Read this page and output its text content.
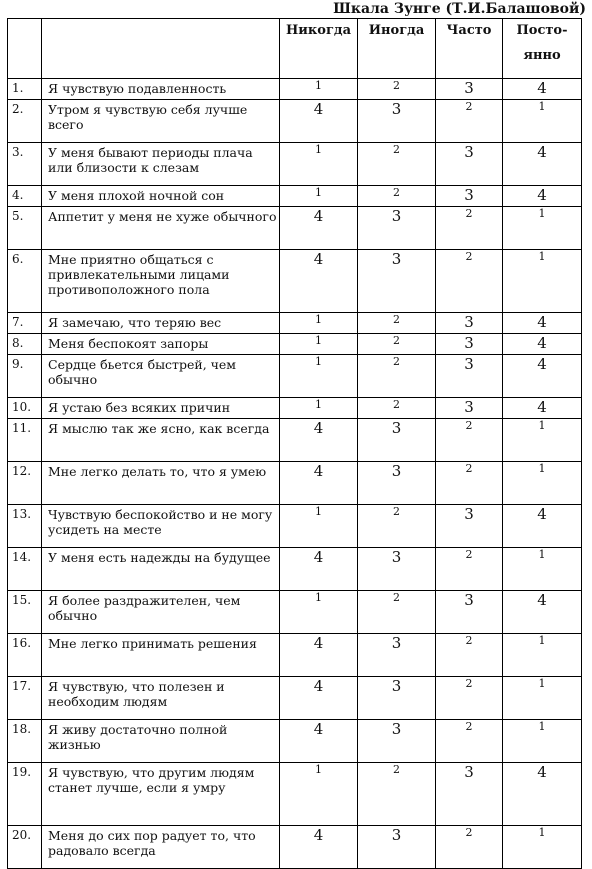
Шкала Зунге (Т.И.Балашовой)
		Никогда	Иногда	Часто	Посто-
янно

1.	Я чувствую подавленность	1	2	3	4
2.	Утром я чувствую себя лучше всего	4	3	2	1
3.	У меня бывают периоды плача или близости к слезам	1	2	3	4
4.	У меня плохой ночной сон	1	2	3	4
5.	Аппетит у меня не хуже обычного	4	3	2	1
6.	Мне приятно общаться с привлекательными лицами противоположного пола	4	3	2	1
7.	Я замечаю, что теряю вес	1	2	3	4
8.	Меня беспокоят запоры	1	2	3	4
9.	Сердце бьется быстрей, чем обычно	1	2	3	4
10.	Я устаю без всяких причин	1	2	3	4
11.	Я мыслю так же ясно, как всегда	4	3	2	1
12.	Мне легко делать то, что я умею	4	3	2	1
13.	Чувствую беспокойство и не могу усидеть на месте	1	2	3	4
14.	У меня есть надежды на будущее	4	3	2	1
15.	Я более раздражителен, чем обычно	1	2	3	4
16.	Мне легко принимать решения	4	3	2	1
17.	Я чувствую, что полезен и необходим людям	4	3	2	1
18.	Я живу достаточно полной жизнью	4	3	2	1
19.	Я чувствую, что другим людям станет лучше, если я умру	1	2	3	4
20.	Меня до сих пор радует то, что радовало всегда	4	3	2	1
